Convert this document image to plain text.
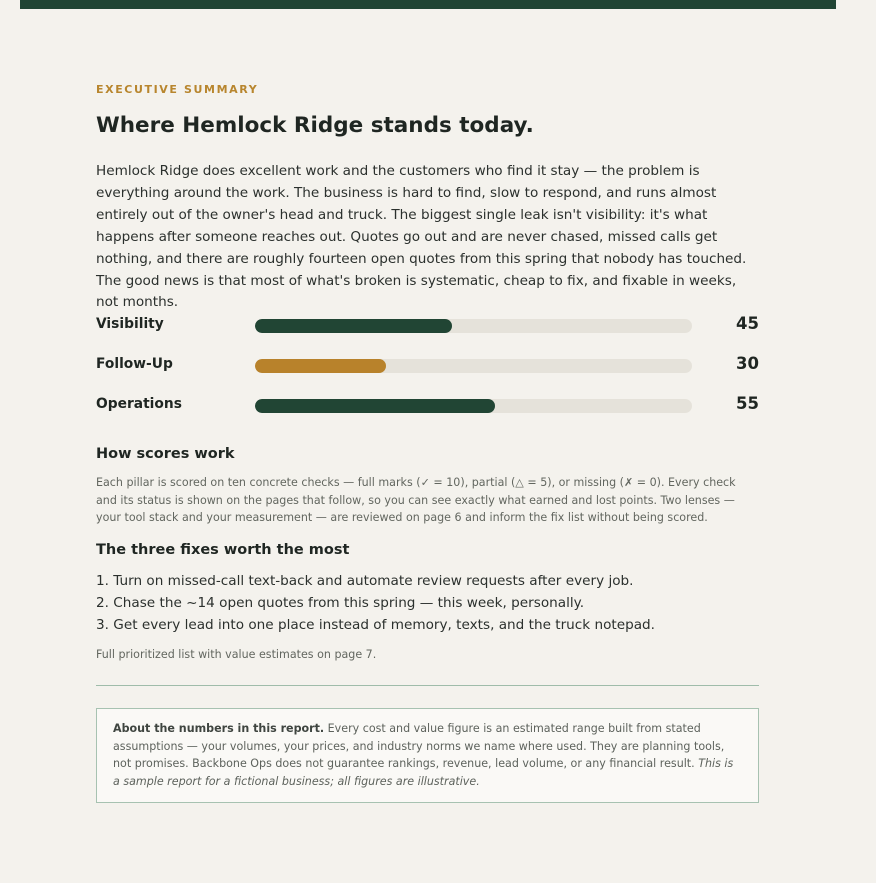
EXECUTIVE SUMMARY
Where Hemlock Ridge stands today.

Hemlock Ridge does excellent work and the customers who find it stay — the problem is everything around the work. The business is hard to find, slow to respond, and runs almost entirely out of the owner's head and truck. The biggest single leak isn't visibility: it's what happens after someone reaches out. Quotes go out and are never chased, missed calls get nothing, and there are roughly fourteen open quotes from this spring that nobody has touched. The good news is that most of what's broken is systematic, cheap to fix, and fixable in weeks, not months.

Visibility	45
Follow-Up	30
Operations	55
How scores work

Each pillar is scored on ten concrete checks — full marks (✓ = 10), partial (△ = 5), or missing (✗ = 0). Every check and its status is shown on the pages that follow, so you can see exactly what earned and lost points. Two lenses — your tool stack and your measurement — are reviewed on page 6 and inform the fix list without being scored.

The three fixes worth the most
1. Turn on missed-call text-back and automate review requests after every job.
2. Chase the ~14 open quotes from this spring — this week, personally.
3. Get every lead into one place instead of memory, texts, and the truck notepad.

Full prioritized list with value estimates on page 7.

About the numbers in this report. Every cost and value figure is an estimated range built from stated assumptions — your volumes, your prices, and industry norms we name where used. They are planning tools, not promises. Backbone Ops does not guarantee rankings, revenue, lead volume, or any financial result. This is a sample report for a fictional business; all figures are illustrative.
